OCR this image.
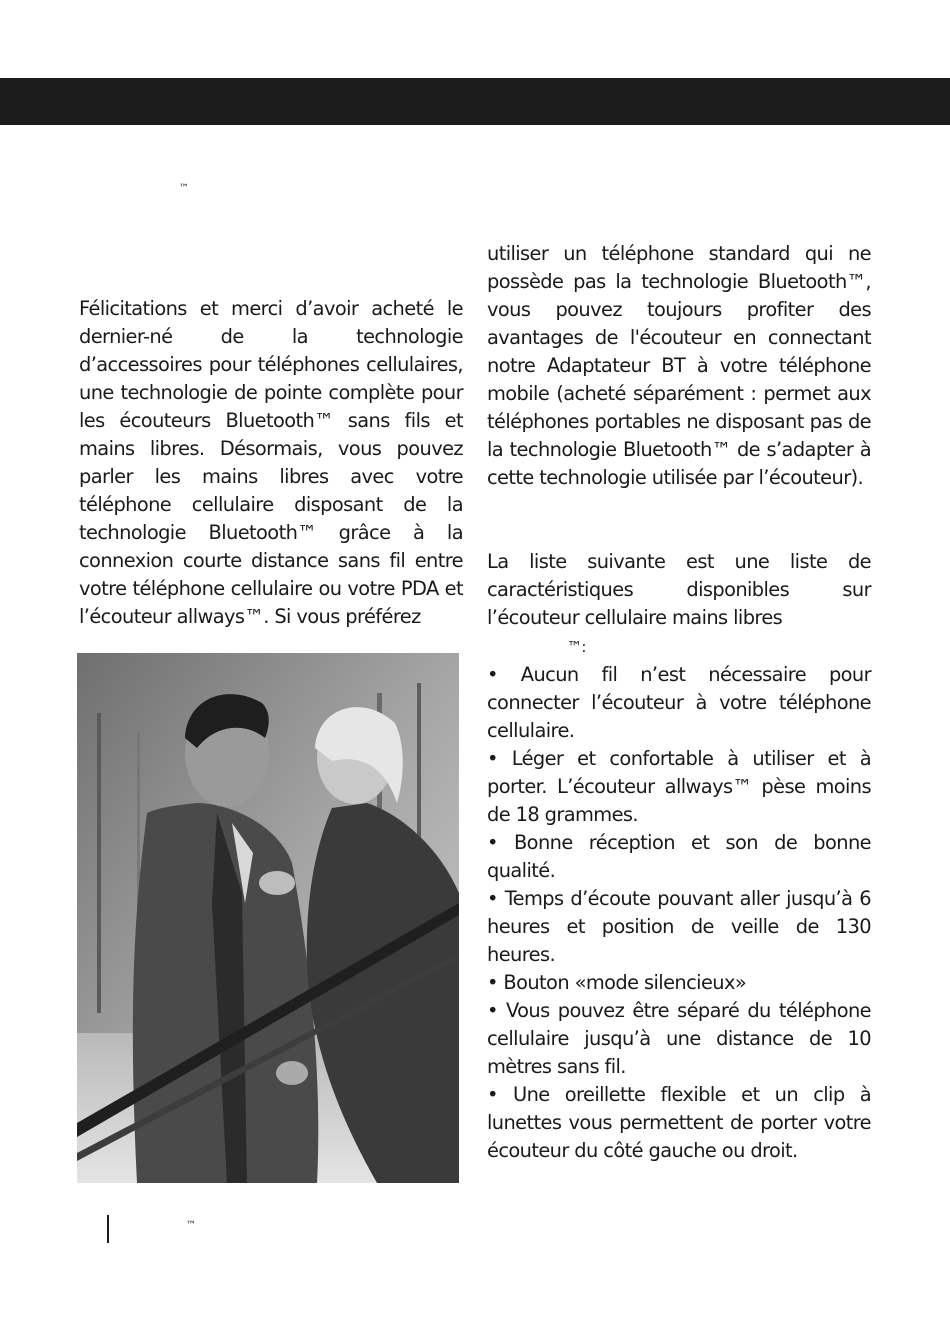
™

Félicitations et merci d’avoir acheté le dernier-né de la technologie d’accessoires pour téléphones cellulaires, une technologie de pointe complète pour les écouteurs Bluetooth™ sans fils et mains libres. Désormais, vous pouvez parler les mains libres avec votre téléphone cellulaire disposant de la technologie Bluetooth™ grâce à la connexion courte distance sans fil entre votre téléphone cellulaire ou votre PDA et l’écouteur allways™. Si vous préférez

utiliser un téléphone standard qui ne possède pas la technologie Bluetooth™, vous pouvez toujours profiter des avantages de l'écouteur en connectant notre Adaptateur BT à votre téléphone mobile (acheté séparément : permet aux téléphones portables ne disposant pas de la technologie Bluetooth™ de s’adapter à cette technologie utilisée par l’écouteur).

La liste suivante est une liste de caractéristiques disponibles sur l’écouteur cellulaire mains libres
™:

• Aucun fil n’est nécessaire pour connecter l’écouteur à votre téléphone cellulaire.

• Léger et confortable à utiliser et à porter. L’écouteur allways™ pèse moins de 18 grammes.

• Bonne réception et son de bonne qualité.

• Temps d’écoute pouvant aller jusqu’à 6 heures et position de veille de 130 heures.

• Bouton «mode silencieux»

• Vous pouvez être séparé du téléphone cellulaire jusqu’à une distance de 10 mètres sans fil.

• Une oreillette flexible et un clip à lunettes vous permettent de porter votre écouteur du côté gauche ou droit.

™
